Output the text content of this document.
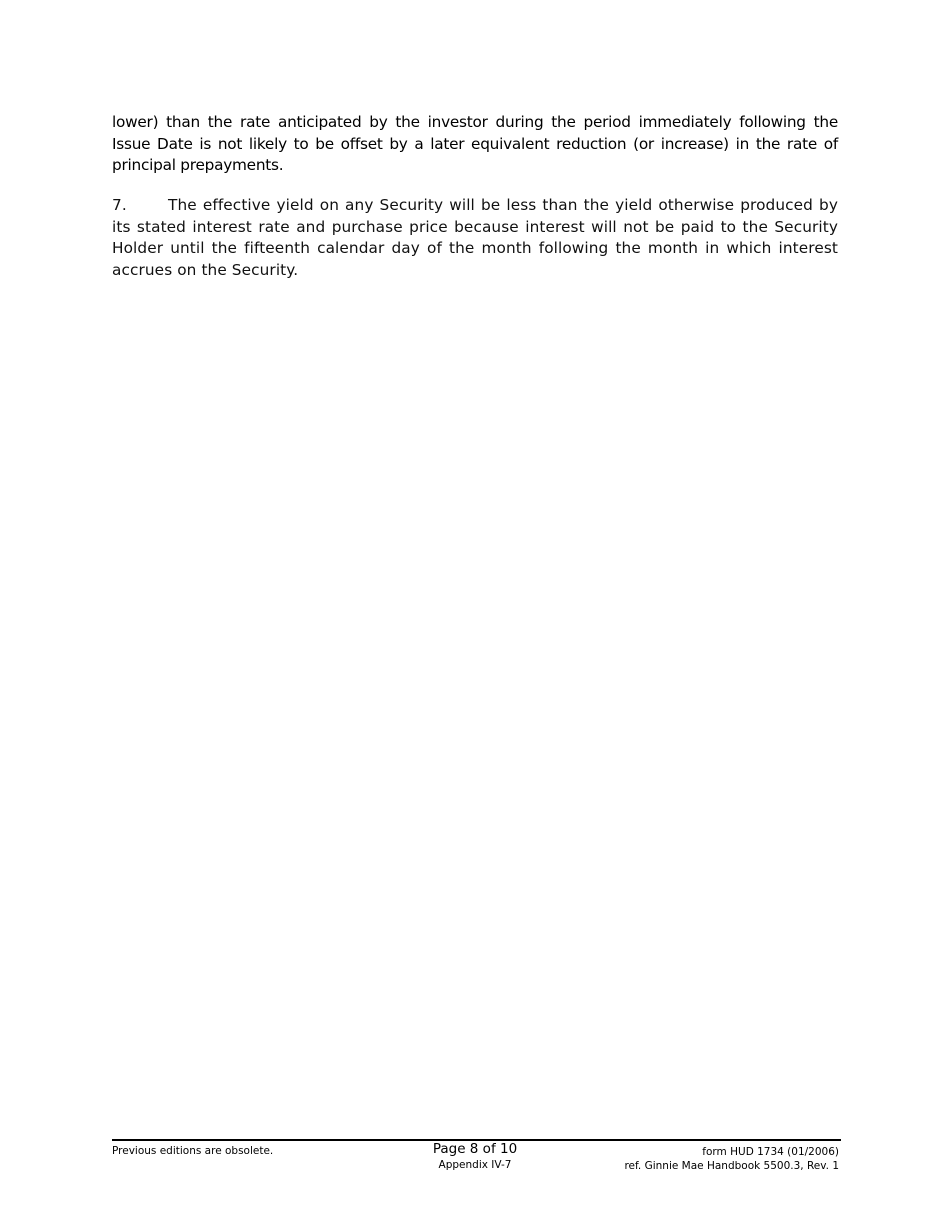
lower) than the rate anticipated by the investor during the period immediately following the Issue Date is not likely to be offset by a later equivalent reduction (or increase) in the rate of principal prepayments.

7.	The effective yield on any Security will be less than the yield otherwise produced by its stated interest rate and purchase price because interest will not be paid to the Security Holder until the fifteenth calendar day of the month following the month in which interest accrues on the Security.

Previous editions are obsolete.	Page 8 of 10
Appendix IV-7
form HUD 1734 (01/2006)
ref. Ginnie Mae Handbook 5500.3, Rev. 1
